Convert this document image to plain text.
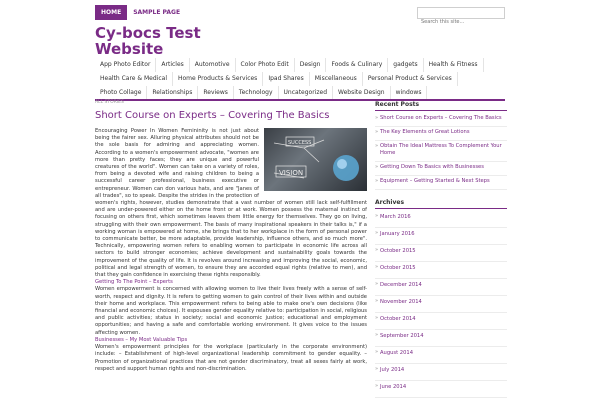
HOME	SAMPLE PAGE
Search this site...
Cy-bocs Test Website
App Photo Editor	Articles	Automotive	Color Photo Edit	Design	Foods & Culinary	gadgets	Health & Fitness
Health Care & Medical	Home Products & Services	Ipad Shares	Miscellaneous	Personal Product & Services
Photo Collage	Relationships	Reviews	Technology	Uncategorized	Website Design	windows
ALL STORIES
Short Course on Experts – Covering The Basics
SUCCESS
VISION

Encouraging Power In Women Femininity is not just about being the fairer sex. Alluring physical attributes should not be the sole basis for admiring and appreciating women. According to a women's empowerment advocate, "women are more than pretty faces; they are unique and powerful creatures of the world". Women can take on a variety of roles, from being a devoted wife and raising children to being a successful career professional, business executive or entrepreneur. Women can don various hats, and are "Janes of all trades", so to speak. Despite the strides in the protection of women's rights, however, studies demonstrate that a vast number of women still lack self-fulfillment and are under-powered either on the home front or at work. Women possess the maternal instinct of focusing on others first, which sometimes leaves them little energy for themselves. They go on living, struggling with their own empowerment. The basis of many inspirational speakers in their talks is," if a working woman is empowered at home, she brings that to her workplace in the form of personal power to communicate better, be more adaptable, provide leadership, influence others, and so much more". Technically, empowering women refers to enabling women to participate in economic life across all sectors to build stronger economies; achieve development and sustainability goals towards the improvement of the quality of life. It is revolves around increasing and improving the social, economic, political and legal strength of women, to ensure they are accorded equal rights (relative to men), and that they gain confidence in exercising these rights responsibly.

Getting To The Point – Experts

Women empowerment is concerned with allowing women to live their lives freely with a sense of self-worth, respect and dignity. It is refers to getting women to gain control of their lives within and outside their home and workplace. This empowerment refers to being able to make one's own decisions (like financial and economic choices). It espouses gender equality relative to: participation in social, religious and public activities; status in society; social and economic justice; educational and employment opportunities; and having a safe and comfortable working environment. It gives voice to the issues affecting women.

Businesses – My Most Valuable Tips

Women's empowerment principles for the workplace (particularly in the corporate environment) include: – Establishment of high-level organizational leadership commitment to gender equality. – Promotion of organizational practices that are not gender discriminatory, treat all sexes fairly at work, respect and support human rights and non-discrimination.

Recent Posts
» Short Course on Experts – Covering The Basics
» The Key Elements of Great Lotions
» Obtain The Ideal Mattress To Complement Your Home
» Getting Down To Basics with Businesses
» Equipment – Getting Started & Next Steps
Archives
» March 2016
» January 2016
» October 2015
» October 2015
» December 2014
» November 2014
» October 2014
» September 2014
» August 2014
» July 2014
» June 2014
